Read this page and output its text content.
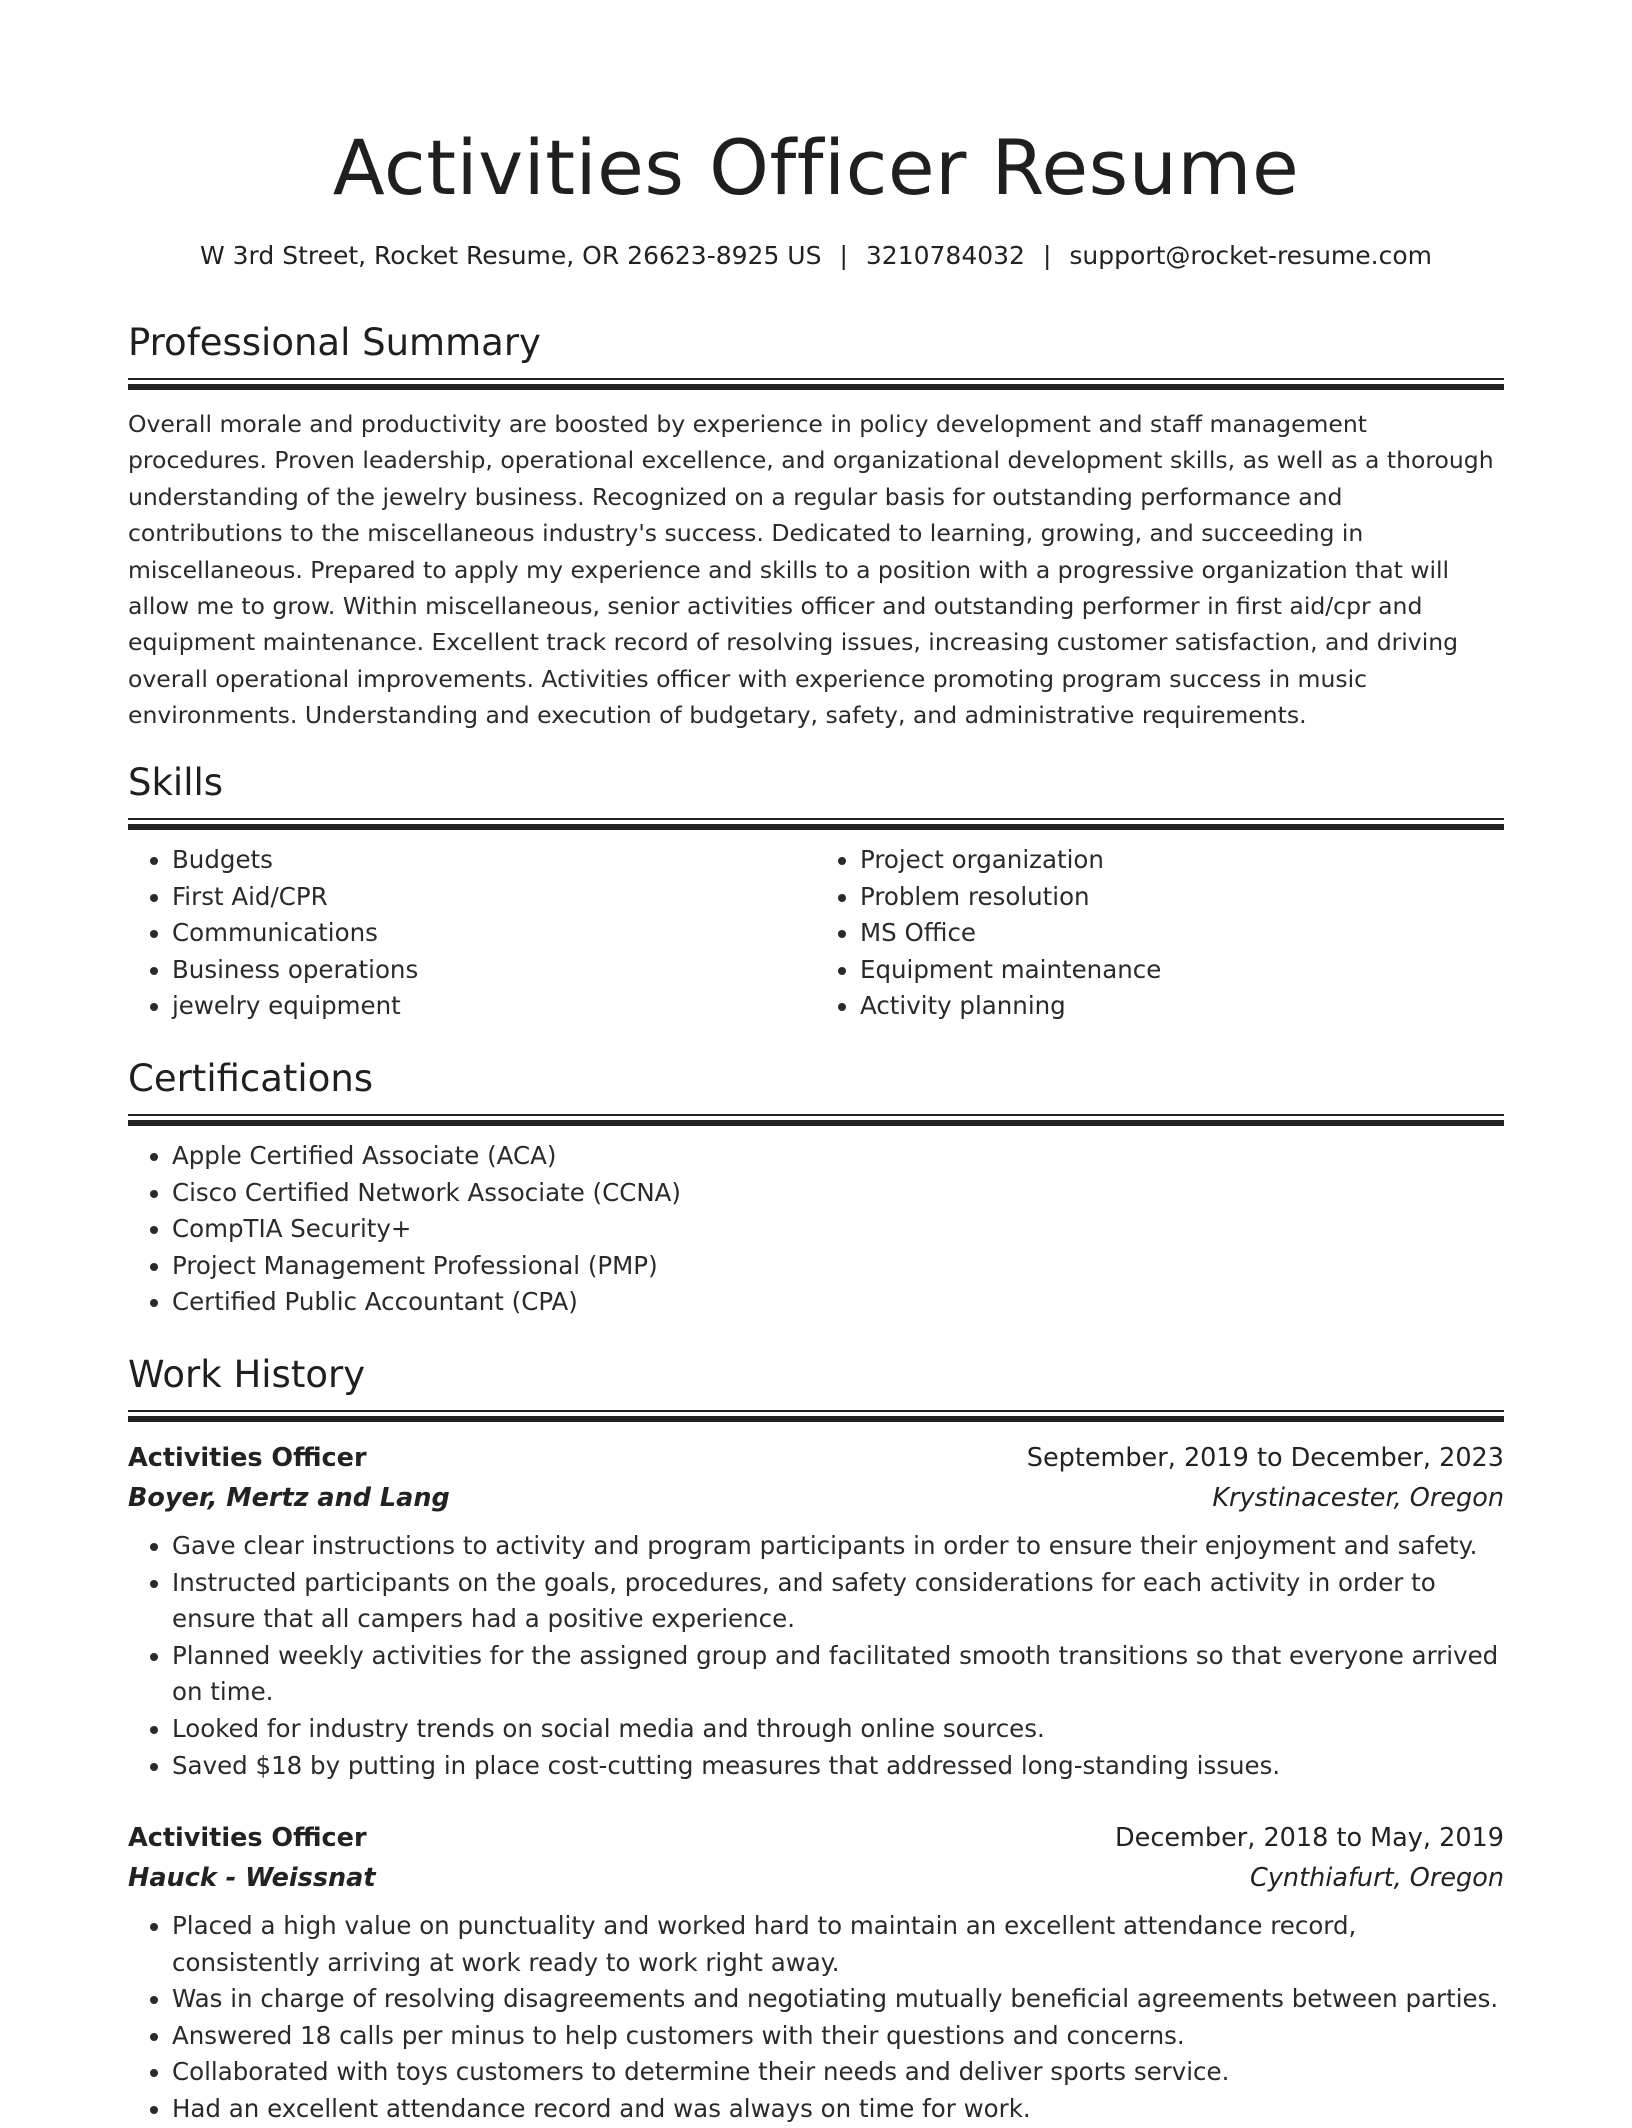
Activities Officer Resume
W 3rd Street, Rocket Resume, OR 26623-8925 US | 3210784032 | support@rocket-resume.com
Professional Summary

Overall morale and productivity are boosted by experience in policy development and staff management procedures. Proven leadership, operational excellence, and organizational development skills, as well as a thorough understanding of the jewelry business. Recognized on a regular basis for outstanding performance and contributions to the miscellaneous industry's success. Dedicated to learning, growing, and succeeding in miscellaneous. Prepared to apply my experience and skills to a position with a progressive organization that will allow me to grow. Within miscellaneous, senior activities officer and outstanding performer in first aid/cpr and equipment maintenance. Excellent track record of resolving issues, increasing customer satisfaction, and driving overall operational improvements. Activities officer with experience promoting program success in music environments. Understanding and execution of budgetary, safety, and administrative requirements.

Skills
• Budgets
• First Aid/CPR
• Communications
• Business operations
• jewelry equipment
• Project organization
• Problem resolution
• MS Office
• Equipment maintenance
• Activity planning
Certifications
• Apple Certified Associate (ACA)
• Cisco Certified Network Associate (CCNA)
• CompTIA Security+
• Project Management Professional (PMP)
• Certified Public Accountant (CPA)
Work History
Activities Officer	September, 2019 to December, 2023
Boyer, Mertz and Lang	Krystinacester, Oregon
• Gave clear instructions to activity and program participants in order to ensure their enjoyment and safety.
• Instructed participants on the goals, procedures, and safety considerations for each activity in order to ensure that all campers had a positive experience.
• Planned weekly activities for the assigned group and facilitated smooth transitions so that everyone arrived on time.
• Looked for industry trends on social media and through online sources.
• Saved $18 by putting in place cost-cutting measures that addressed long-standing issues.
Activities Officer	December, 2018 to May, 2019
Hauck - Weissnat	Cynthiafurt, Oregon
• Placed a high value on punctuality and worked hard to maintain an excellent attendance record, consistently arriving at work ready to work right away.
• Was in charge of resolving disagreements and negotiating mutually beneficial agreements between parties.
• Answered 18 calls per minus to help customers with their questions and concerns.
• Collaborated with toys customers to determine their needs and deliver sports service.
• Had an excellent attendance record and was always on time for work.
